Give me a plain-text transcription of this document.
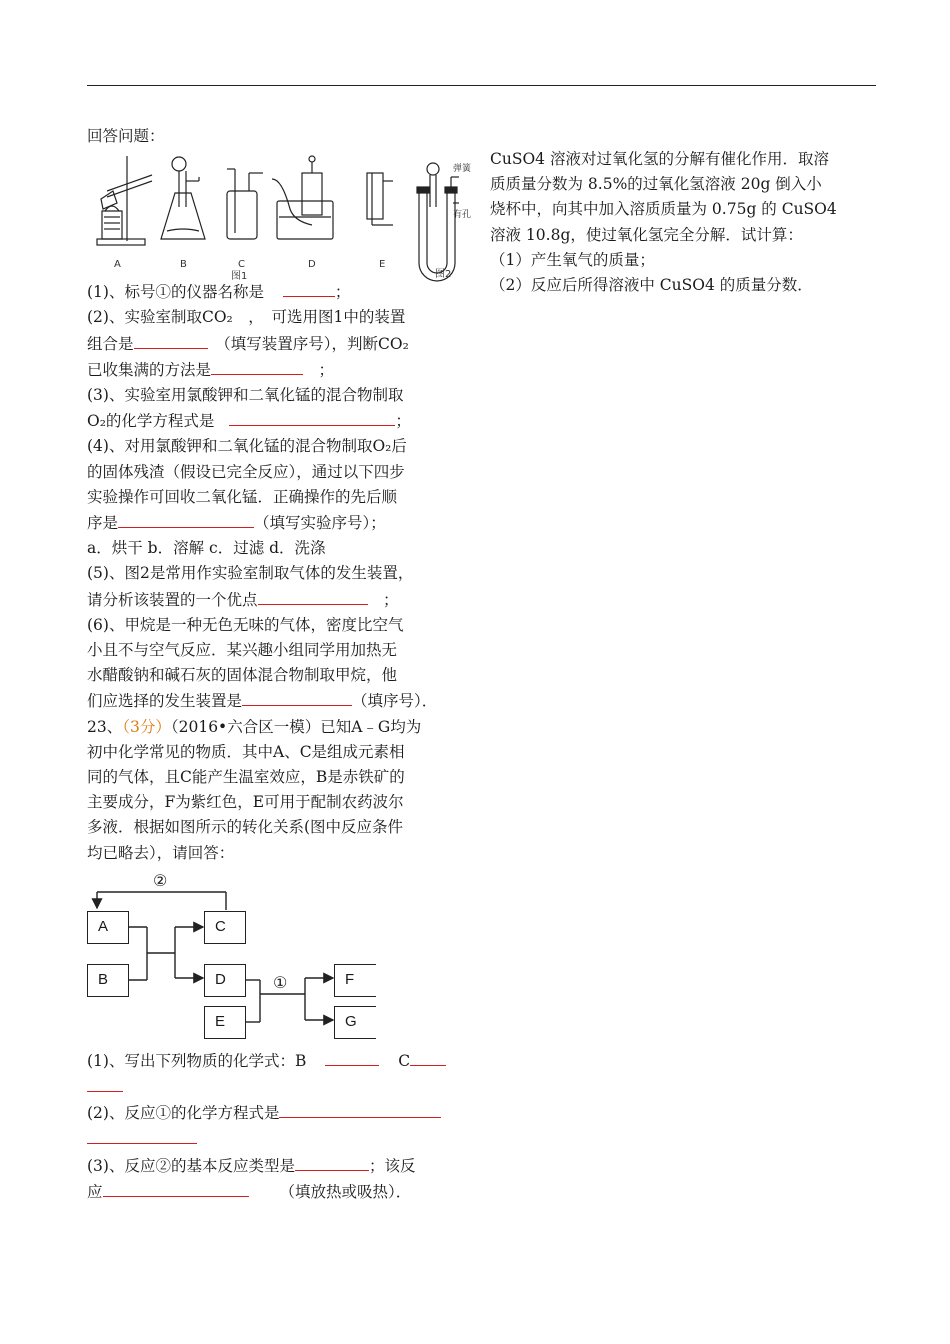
回答问题：
A	B	C	D	E
图1	图2
弹簧
有孔
(1)、标号①的仪器名称是	；
(2)、实验室制取CO₂　，　可选用图1中的装置
组合是	　（填写装置序号），判断CO₂
已收集满的方法是	　；
(3)、实验室用氯酸钾和二氧化锰的混合物制取
O₂的化学方程式是	；
(4)、对用氯酸钾和二氧化锰的混合物制取O₂后
的固体残渣（假设已完全反应），通过以下四步
实验操作可回收二氧化锰．正确操作的先后顺
序是	（填写实验序号）；
a．烘干 b．溶解 c．过滤 d．洗涤
(5)、图2是常用作实验室制取气体的发生装置，
请分析该装置的一个优点	　；
(6)、甲烷是一种无色无味的气体，密度比空气
小且不与空气反应．某兴趣小组同学用加热无
水醋酸钠和碱石灰的固体混合物制取甲烷，他
们应选择的发生装置是	（填序号）．
23、（3分）（2016•六合区一模）已知A﹣G均为
初中化学常见的物质．其中A、C是组成元素相
同的气体，且C能产生温室效应，B是赤铁矿的
主要成分，F为紫红色，E可用于配制农药波尔
多液．根据如图所示的转化关系(图中反应条件
均已略去），请回答：
②
①
A
B
C
D
E
F
G
(1)、写出下列物质的化学式：B	C
(2)、反应①的化学方程式是
(3)、反应②的基本反应类型是	；该反
应	（填放热或吸热）．
CuSO4 溶液对过氧化氢的分解有催化作用．取溶
质质量分数为 8.5%的过氧化氢溶液 20g 倒入小
烧杯中，向其中加入溶质质量为 0.75g 的 CuSO4
溶液 10.8g，使过氧化氢完全分解．试计算：
（1）产生氧气的质量；
（2）反应后所得溶液中 CuSO4 的质量分数．
